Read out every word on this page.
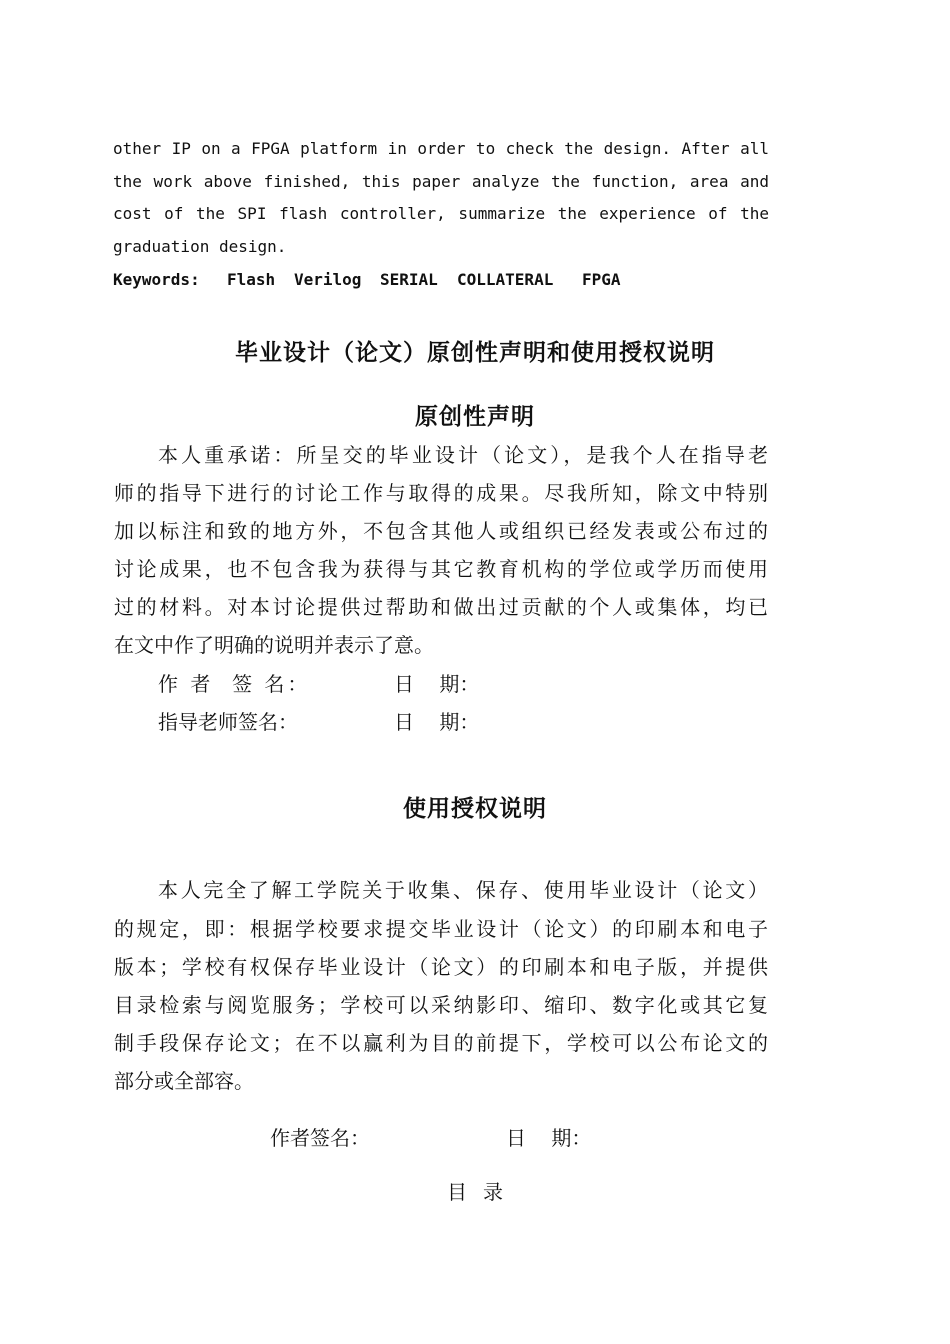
other IP on a FPGA platform in order to check the design. After all
the work above finished, this paper analyze the function, area and
cost of the SPI flash controller, summarize the experience of the
graduation design.
Keywords: Flash Verilog SERIAL COLLATERAL FPGA
毕业设计（论文）原创性声明和使用授权说明
原创性声明
本人重承诺：所呈交的毕业设计（论文），是我个人在指导老
师的指导下进行的讨论工作与取得的成果。尽我所知，除文中特别
加以标注和致的地方外，不包含其他人或组织已经发表或公布过的
讨论成果，也不包含我为获得与其它教育机构的学位或学历而使用
过的材料。对本讨论提供过帮助和做出过贡献的个人或集体，均已
在文中作了明确的说明并表示了意。
作 者  签 名：	日    期：
指导老师签名：	日    期：
使用授权说明
本人完全了解工学院关于收集、保存、使用毕业设计（论文）
的规定，即：根据学校要求提交毕业设计（论文）的印刷本和电子
版本；学校有权保存毕业设计（论文）的印刷本和电子版，并提供
目录检索与阅览服务；学校可以采纳影印、缩印、数字化或其它复
制手段保存论文；在不以赢利为目的前提下，学校可以公布论文的
部分或全部容。
作者签名：	日    期：
目录
